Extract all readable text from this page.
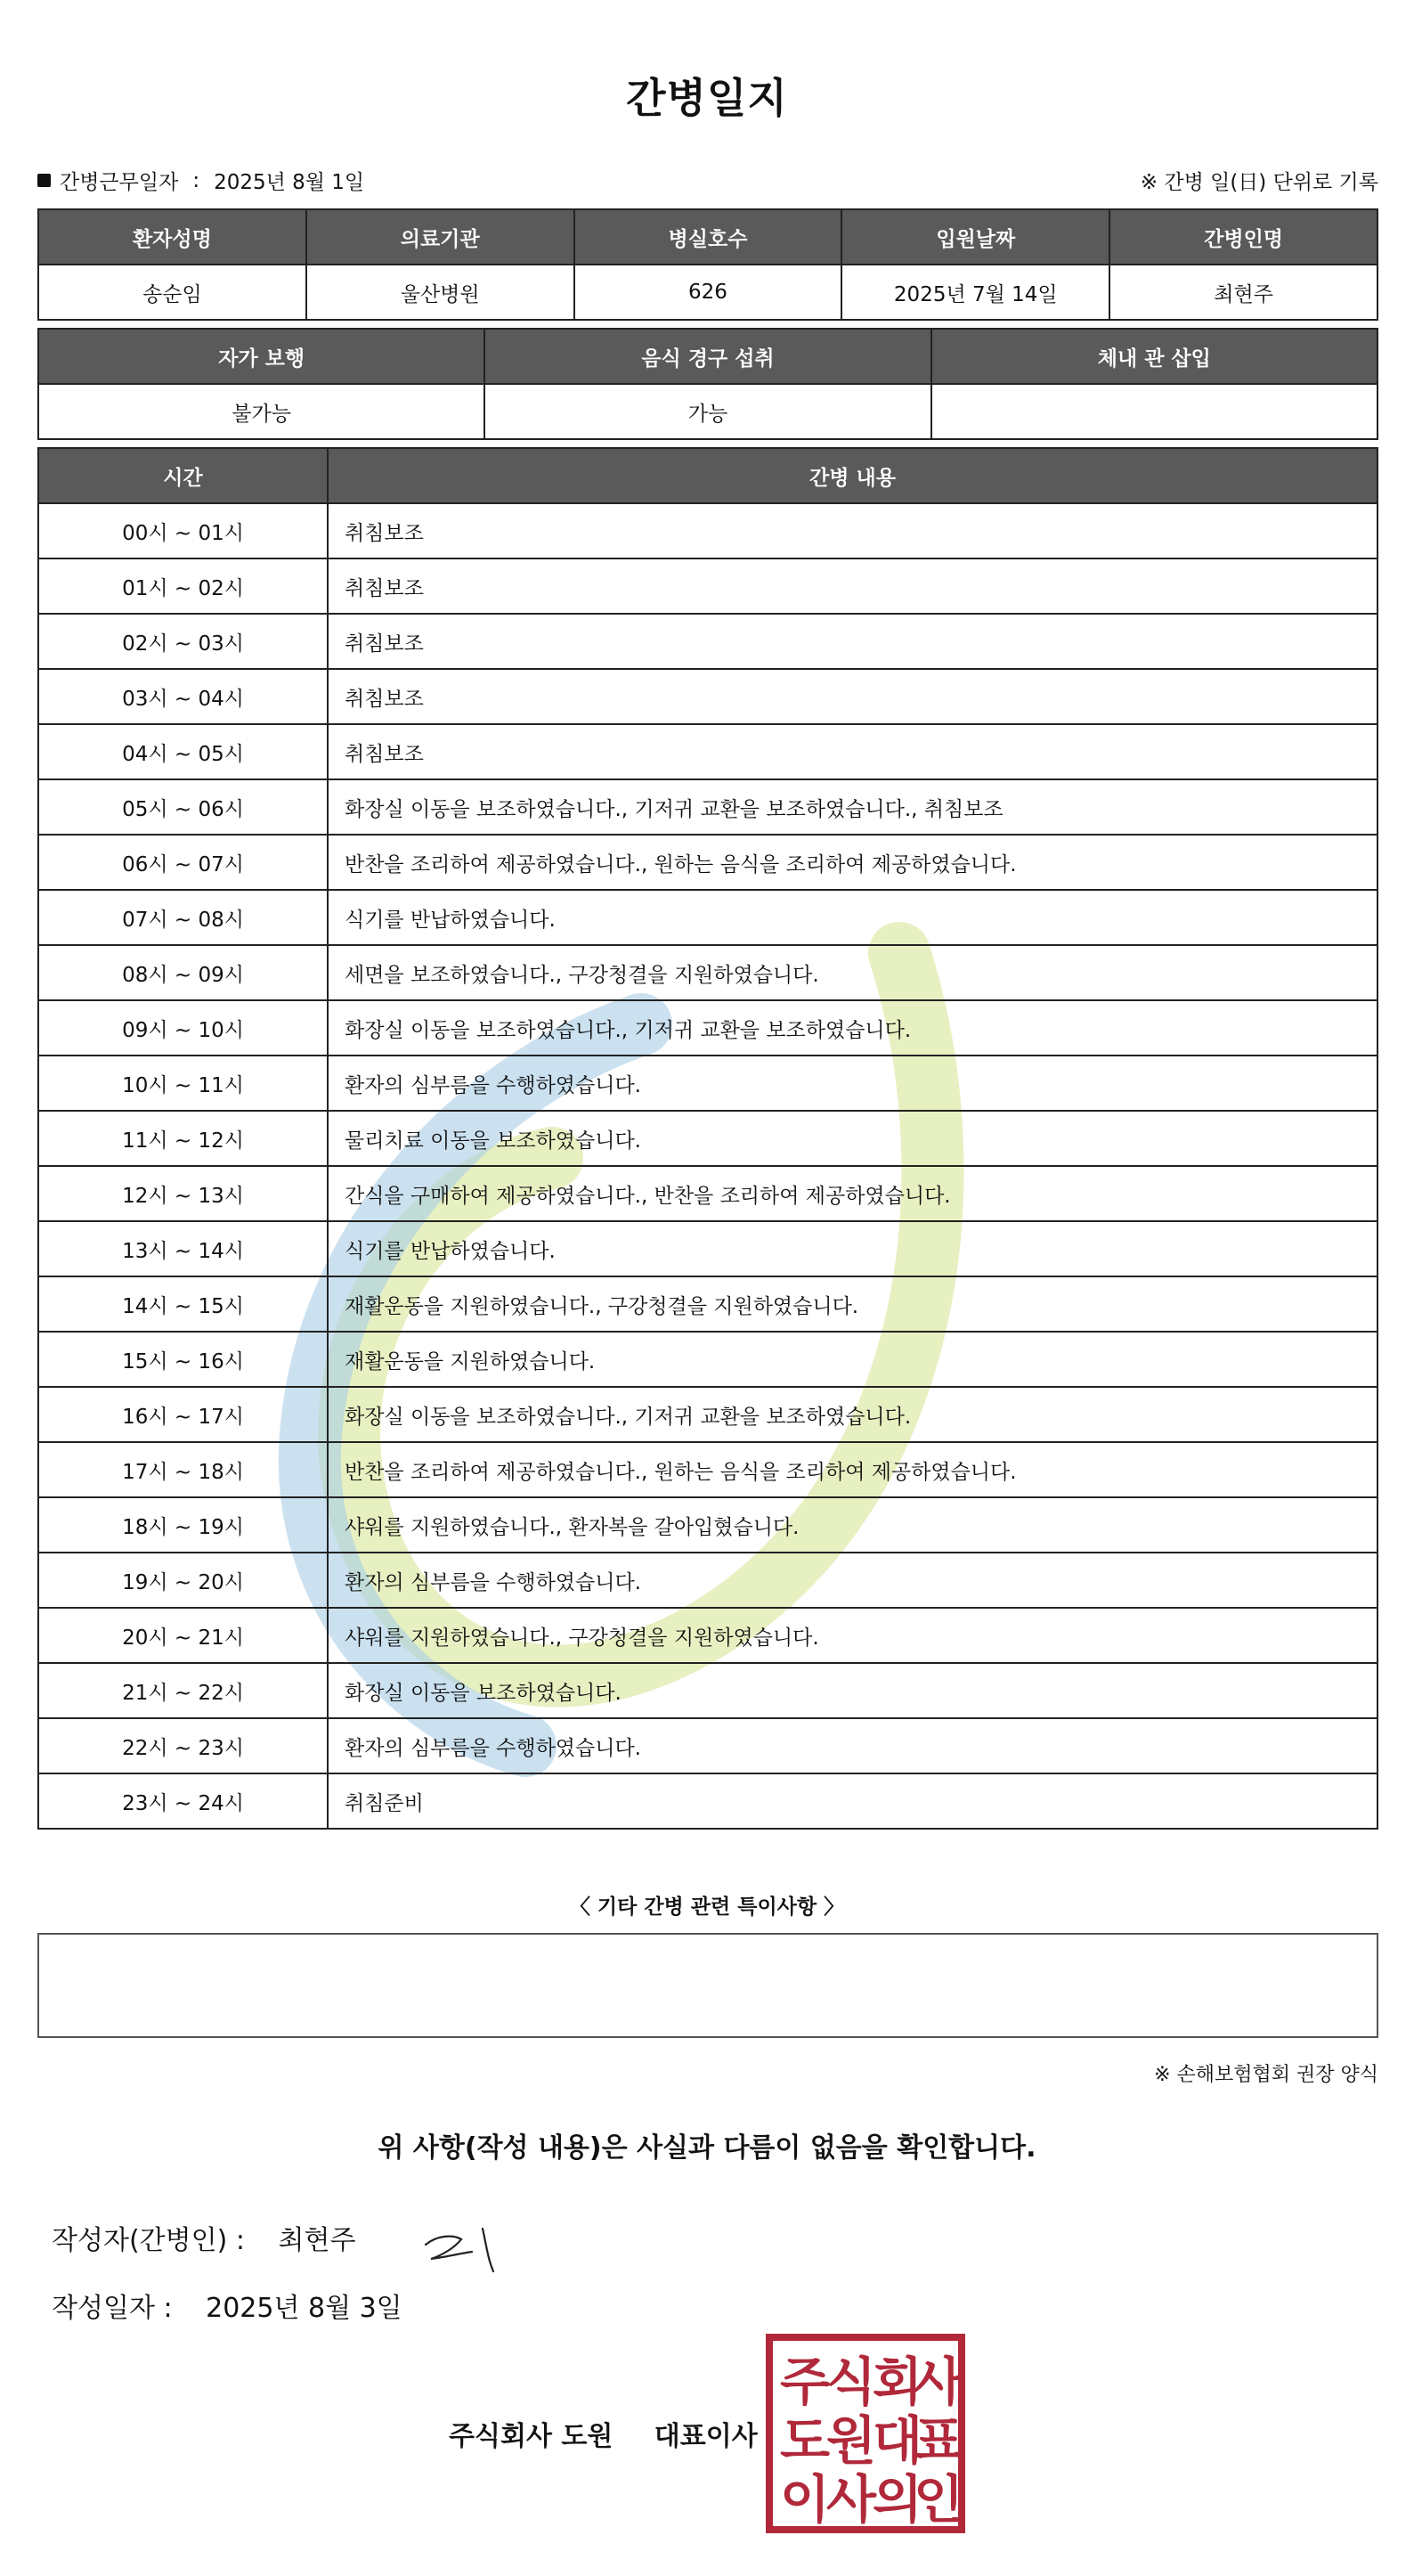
간병일지
간병근무일자 : 2025년 8월 1일	※ 간병 일(日) 단위로 기록
환자성명	의료기관	병실호수	입원날짜	간병인명
송순임	울산병원	626	2025년 7월 14일	최현주
자가 보행	음식 경구 섭취	체내 관 삽입
불가능	가능	
시간	간병 내용
00시 ~ 01시	취침보조
01시 ~ 02시	취침보조
02시 ~ 03시	취침보조
03시 ~ 04시	취침보조
04시 ~ 05시	취침보조
05시 ~ 06시	화장실 이동을 보조하였습니다., 기저귀 교환을 보조하였습니다., 취침보조
06시 ~ 07시	반찬을 조리하여 제공하였습니다., 원하는 음식을 조리하여 제공하였습니다.
07시 ~ 08시	식기를 반납하였습니다.
08시 ~ 09시	세면을 보조하였습니다., 구강청결을 지원하였습니다.
09시 ~ 10시	화장실 이동을 보조하였습니다., 기저귀 교환을 보조하였습니다.
10시 ~ 11시	환자의 심부름을 수행하였습니다.
11시 ~ 12시	물리치료 이동을 보조하였습니다.
12시 ~ 13시	간식을 구매하여 제공하였습니다., 반찬을 조리하여 제공하였습니다.
13시 ~ 14시	식기를 반납하였습니다.
14시 ~ 15시	재활운동을 지원하였습니다., 구강청결을 지원하였습니다.
15시 ~ 16시	재활운동을 지원하였습니다.
16시 ~ 17시	화장실 이동을 보조하였습니다., 기저귀 교환을 보조하였습니다.
17시 ~ 18시	반찬을 조리하여 제공하였습니다., 원하는 음식을 조리하여 제공하였습니다.
18시 ~ 19시	샤워를 지원하였습니다., 환자복을 갈아입혔습니다.
19시 ~ 20시	환자의 심부름을 수행하였습니다.
20시 ~ 21시	샤워를 지원하였습니다., 구강청결을 지원하였습니다.
21시 ~ 22시	화장실 이동을 보조하였습니다.
22시 ~ 23시	환자의 심부름을 수행하였습니다.
23시 ~ 24시	취침준비
〈 기타 간병 관련 특이사항 〉
※ 손해보험협회 권장 양식
위 사항(작성 내용)은 사실과 다름이 없음을 확인합니다.
작성자(간병인) : 최현주
작성일자 : 2025년 8월 3일
주식회사 도원 대표이사
주
식
회
사
도
원
대
표
이
사
의
인
